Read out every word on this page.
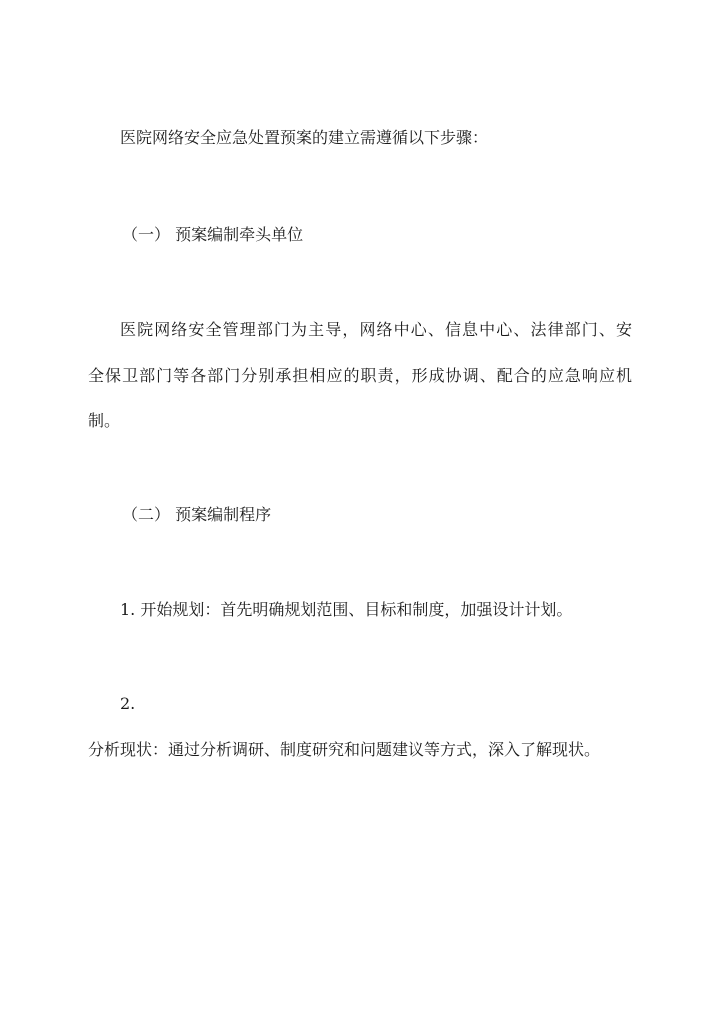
医院网络安全应急处置预案的建立需遵循以下步骤：

（一） 预案编制牵头单位

医院网络安全管理部门为主导，网络中心、信息中心、法律部门、安

全保卫部门等各部门分别承担相应的职责，形成协调、配合的应急响应机

制。

（二） 预案编制程序

1. 开始规划：首先明确规划范围、目标和制度，加强设计计划。

2.

分析现状：通过分析调研、制度研究和问题建议等方式，深入了解现状。
